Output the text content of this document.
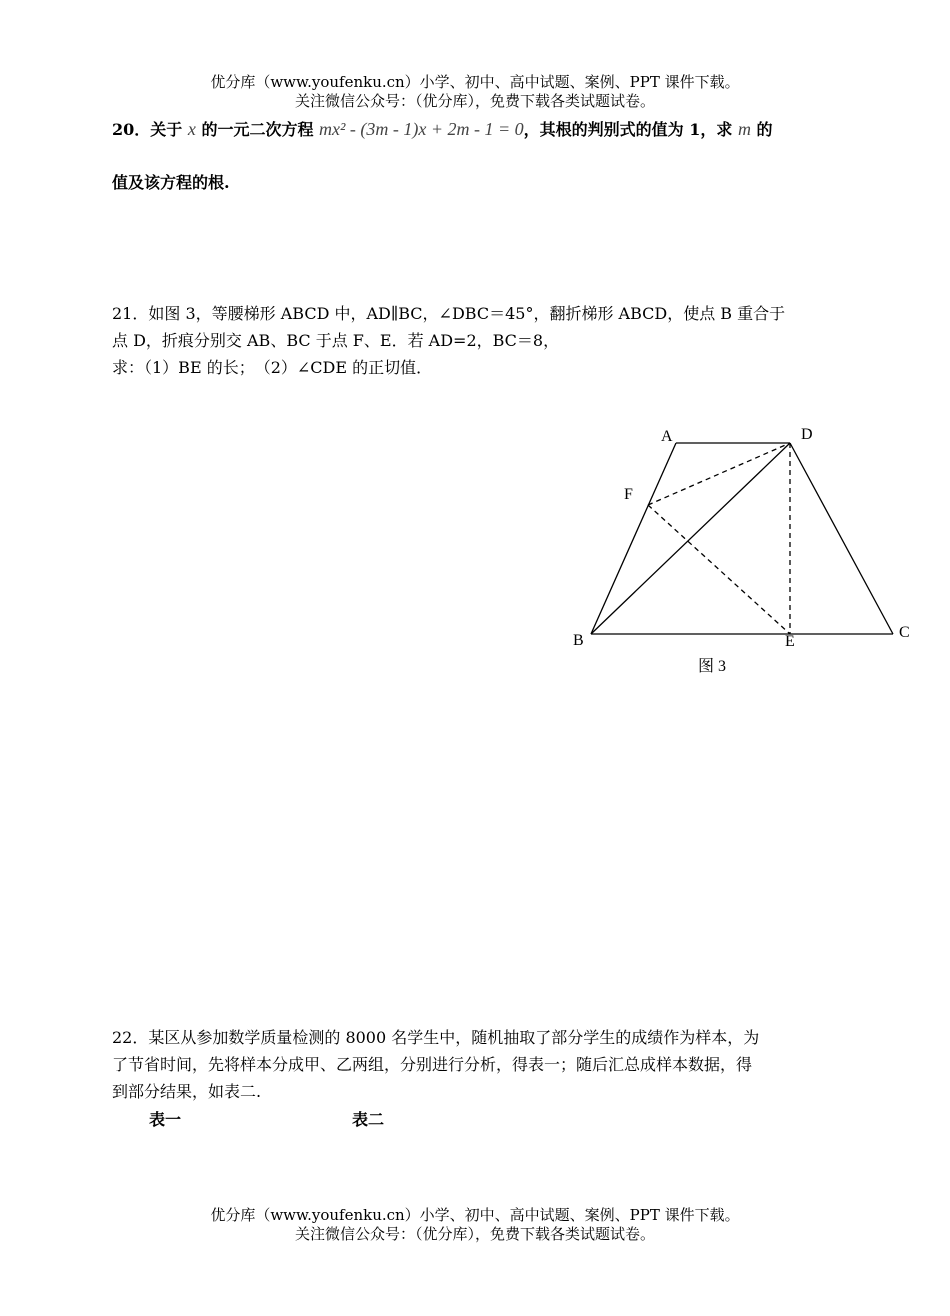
优分库（www.youfenku.cn）小学、初中、高中试题、案例、PPT 课件下载。
关注微信公众号：（优分库），免费下载各类试题试卷。
20．关于 x 的一元二次方程 mx² - (3m - 1)x + 2m - 1 = 0，其根的判别式的值为 1，求 m 的
值及该方程的根.
21．如图 3，等腰梯形 ABCD 中，AD∥BC，∠DBC＝45°，翻折梯形 ABCD，使点 B 重合于
点 D，折痕分别交 AB、BC 于点 F、E．若 AD=2，BC＝8，
求：（1）BE 的长；　（2）∠CDE 的正切值．
A	D
F
B	E
C
图 3
22．某区从参加数学质量检测的 8000 名学生中，随机抽取了部分学生的成绩作为样本，为
了节省时间，先将样本分成甲、乙两组，分别进行分析，得表一；随后汇总成样本数据，得
到部分结果，如表二.
表一	表二
优分库（www.youfenku.cn）小学、初中、高中试题、案例、PPT 课件下载。
关注微信公众号：（优分库），免费下载各类试题试卷。
